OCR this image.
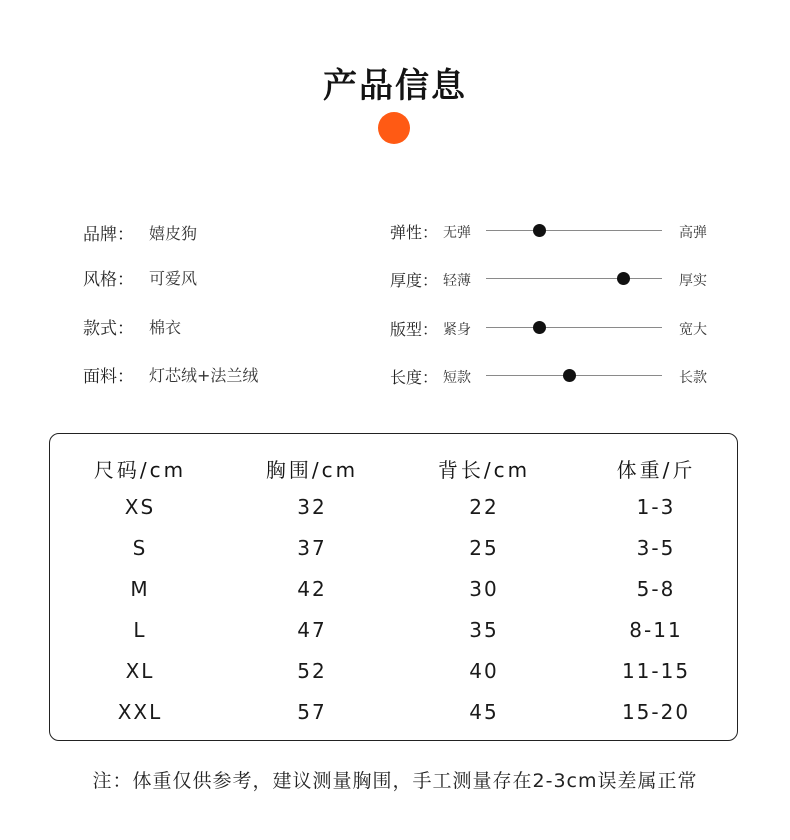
产品信息
品牌： 嬉皮狗
风格： 可爱风
款式： 棉衣
面料： 灯芯绒+法兰绒
弹性： 无弹	高弹
厚度： 轻薄	厚实
版型： 紧身	宽大
长度： 短款	长款
尺码/cm	胸围/cm	背长/cm	体重/斤
XS	32	22	1-3
S	37	25	3-5
M	42	30	5-8
L	47	35	8-11
XL	52	40	11-15
XXL	57	45	15-20
注：体重仅供参考，建议测量胸围，手工测量存在2-3cm误差属正常
